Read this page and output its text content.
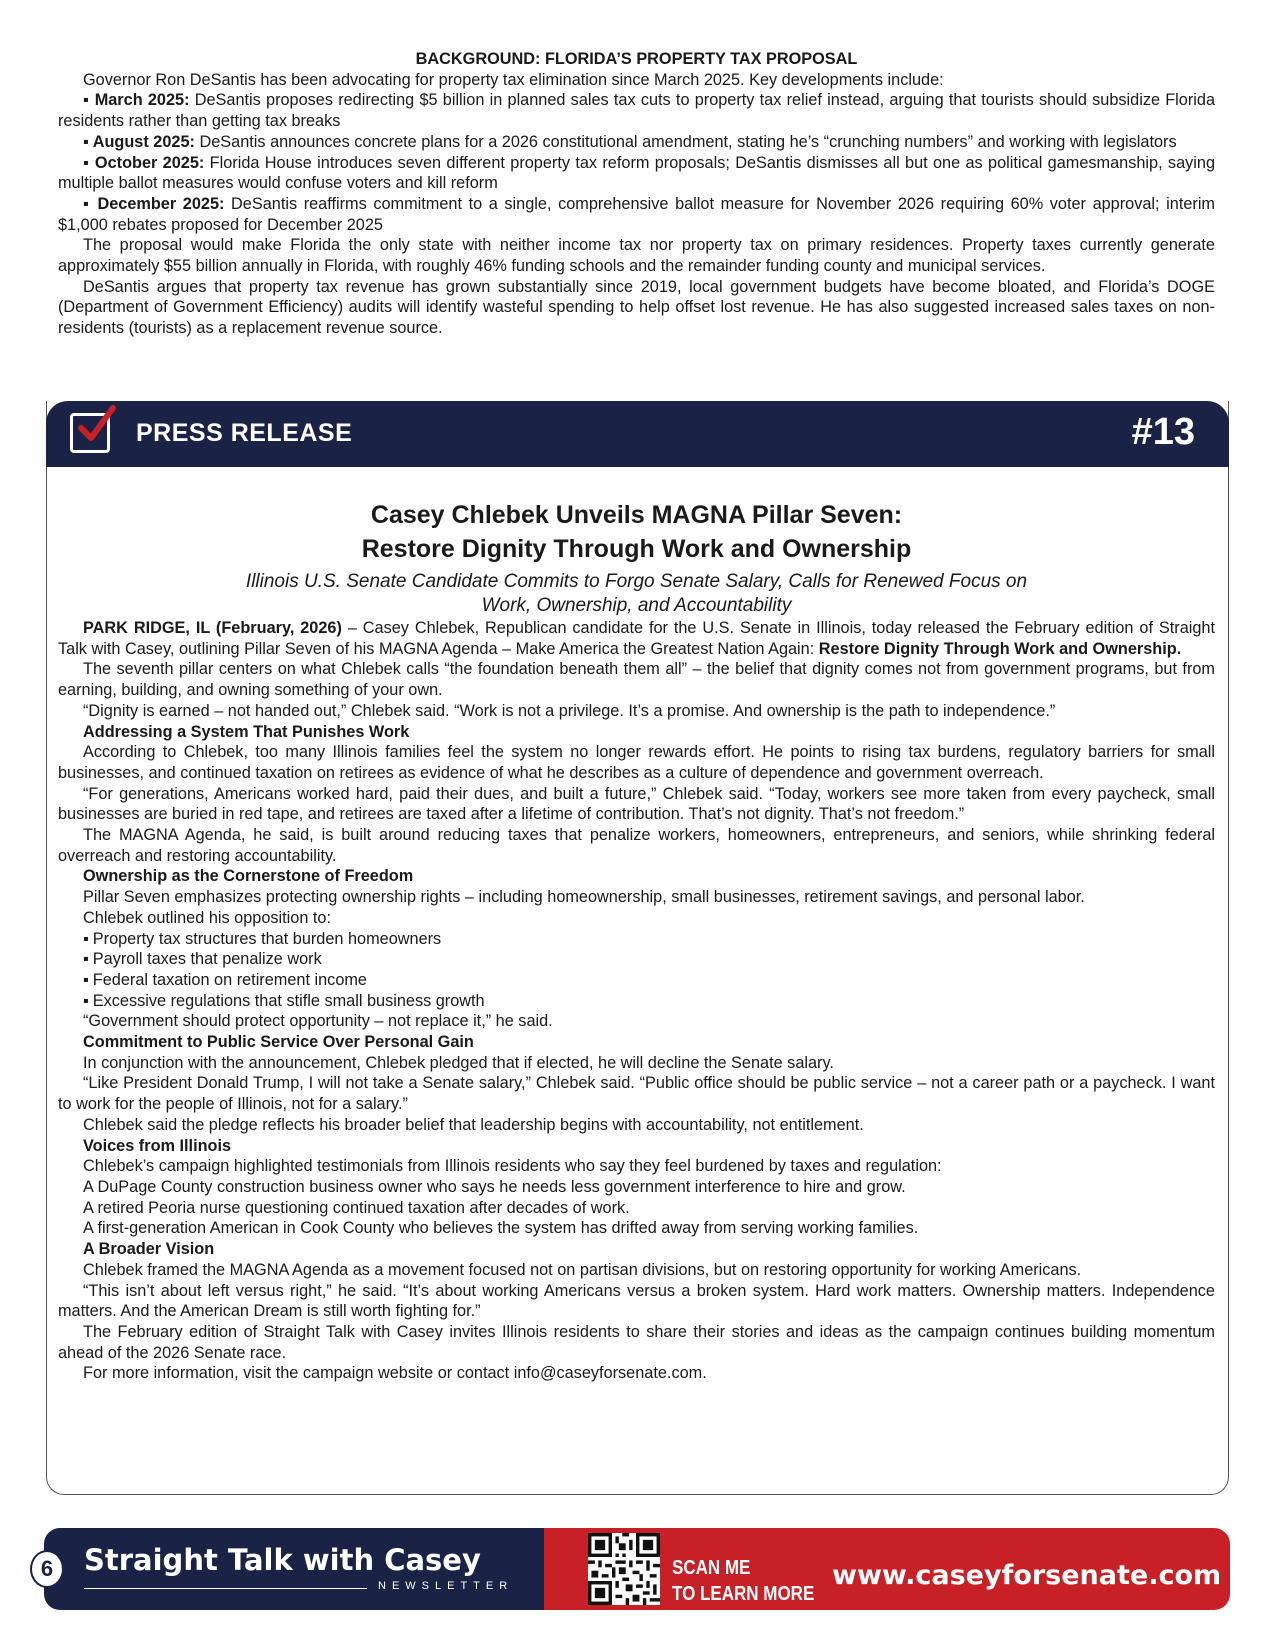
BACKGROUND: FLORIDA’S PROPERTY TAX PROPOSAL

Governor Ron DeSantis has been advocating for property tax elimination since March 2025. Key developments include:

▪ March 2025: DeSantis proposes redirecting $5 billion in planned sales tax cuts to property tax relief instead, arguing that tourists should subsidize Florida residents rather than getting tax breaks

▪ August 2025: DeSantis announces concrete plans for a 2026 constitutional amendment, stating he’s “crunching numbers” and working with legislators

▪ October 2025: Florida House introduces seven different property tax reform proposals; DeSantis dismisses all but one as political gamesmanship, saying multiple ballot measures would confuse voters and kill reform

▪ December 2025: DeSantis reaffirms commitment to a single, comprehensive ballot measure for November 2026 requiring 60% voter approval; interim $1,000 rebates proposed for December 2025

The proposal would make Florida the only state with neither income tax nor property tax on primary residences. Property taxes currently generate approximately $55 billion annually in Florida, with roughly 46% funding schools and the remainder funding county and municipal services.

DeSantis argues that property tax revenue has grown substantially since 2019, local government budgets have become bloated, and Florida’s DOGE (Department of Government Efficiency) audits will identify wasteful spending to help offset lost revenue. He has also suggested increased sales taxes on non-residents (tourists) as a replacement revenue source.

PRESS RELEASE	#13

Casey Chlebek Unveils MAGNA Pillar Seven:

Restore Dignity Through Work and Ownership

Illinois U.S. Senate Candidate Commits to Forgo Senate Salary, Calls for Renewed Focus on

Work, Ownership, and Accountability

PARK RIDGE, IL (February, 2026) – Casey Chlebek, Republican candidate for the U.S. Senate in Illinois, today released the February edition of Straight Talk with Casey, outlining Pillar Seven of his MAGNA Agenda – Make America the Greatest Nation Again: Restore Dignity Through Work and Ownership.

The seventh pillar centers on what Chlebek calls “the foundation beneath them all” – the belief that dignity comes not from government programs, but from earning, building, and owning something of your own.

“Dignity is earned – not handed out,” Chlebek said. “Work is not a privilege. It’s a promise. And ownership is the path to independence.”

Addressing a System That Punishes Work

According to Chlebek, too many Illinois families feel the system no longer rewards effort. He points to rising tax burdens, regulatory barriers for small businesses, and continued taxation on retirees as evidence of what he describes as a culture of dependence and government overreach.

“For generations, Americans worked hard, paid their dues, and built a future,” Chlebek said. “Today, workers see more taken from every paycheck, small businesses are buried in red tape, and retirees are taxed after a lifetime of contribution. That’s not dignity. That’s not freedom.”

The MAGNA Agenda, he said, is built around reducing taxes that penalize workers, homeowners, entrepreneurs, and seniors, while shrinking federal overreach and restoring accountability.

Ownership as the Cornerstone of Freedom

Pillar Seven emphasizes protecting ownership rights – including homeownership, small businesses, retirement savings, and personal labor.

Chlebek outlined his opposition to:

▪ Property tax structures that burden homeowners

▪ Payroll taxes that penalize work

▪ Federal taxation on retirement income

▪ Excessive regulations that stifle small business growth

“Government should protect opportunity – not replace it,” he said.

Commitment to Public Service Over Personal Gain

In conjunction with the announcement, Chlebek pledged that if elected, he will decline the Senate salary.

“Like President Donald Trump, I will not take a Senate salary,” Chlebek said. “Public office should be public service – not a career path or a paycheck. I want to work for the people of Illinois, not for a salary.”

Chlebek said the pledge reflects his broader belief that leadership begins with accountability, not entitlement.

Voices from Illinois

Chlebek’s campaign highlighted testimonials from Illinois residents who say they feel burdened by taxes and regulation:

A DuPage County construction business owner who says he needs less government interference to hire and grow.

A retired Peoria nurse questioning continued taxation after decades of work.

A first-generation American in Cook County who believes the system has drifted away from serving working families.

A Broader Vision

Chlebek framed the MAGNA Agenda as a movement focused not on partisan divisions, but on restoring opportunity for working Americans.

“This isn’t about left versus right,” he said. “It’s about working Americans versus a broken system. Hard work matters. Ownership matters. Independence matters. And the American Dream is still worth fighting for.”

The February edition of Straight Talk with Casey invites Illinois residents to share their stories and ideas as the campaign continues building momentum ahead of the 2026 Senate race.

For more information, visit the campaign website or contact info@caseyforsenate.com.

6	Straight Talk with Casey
NEWSLETTER
SCAN ME
TO LEARN MORE
www.caseyforsenate.com
